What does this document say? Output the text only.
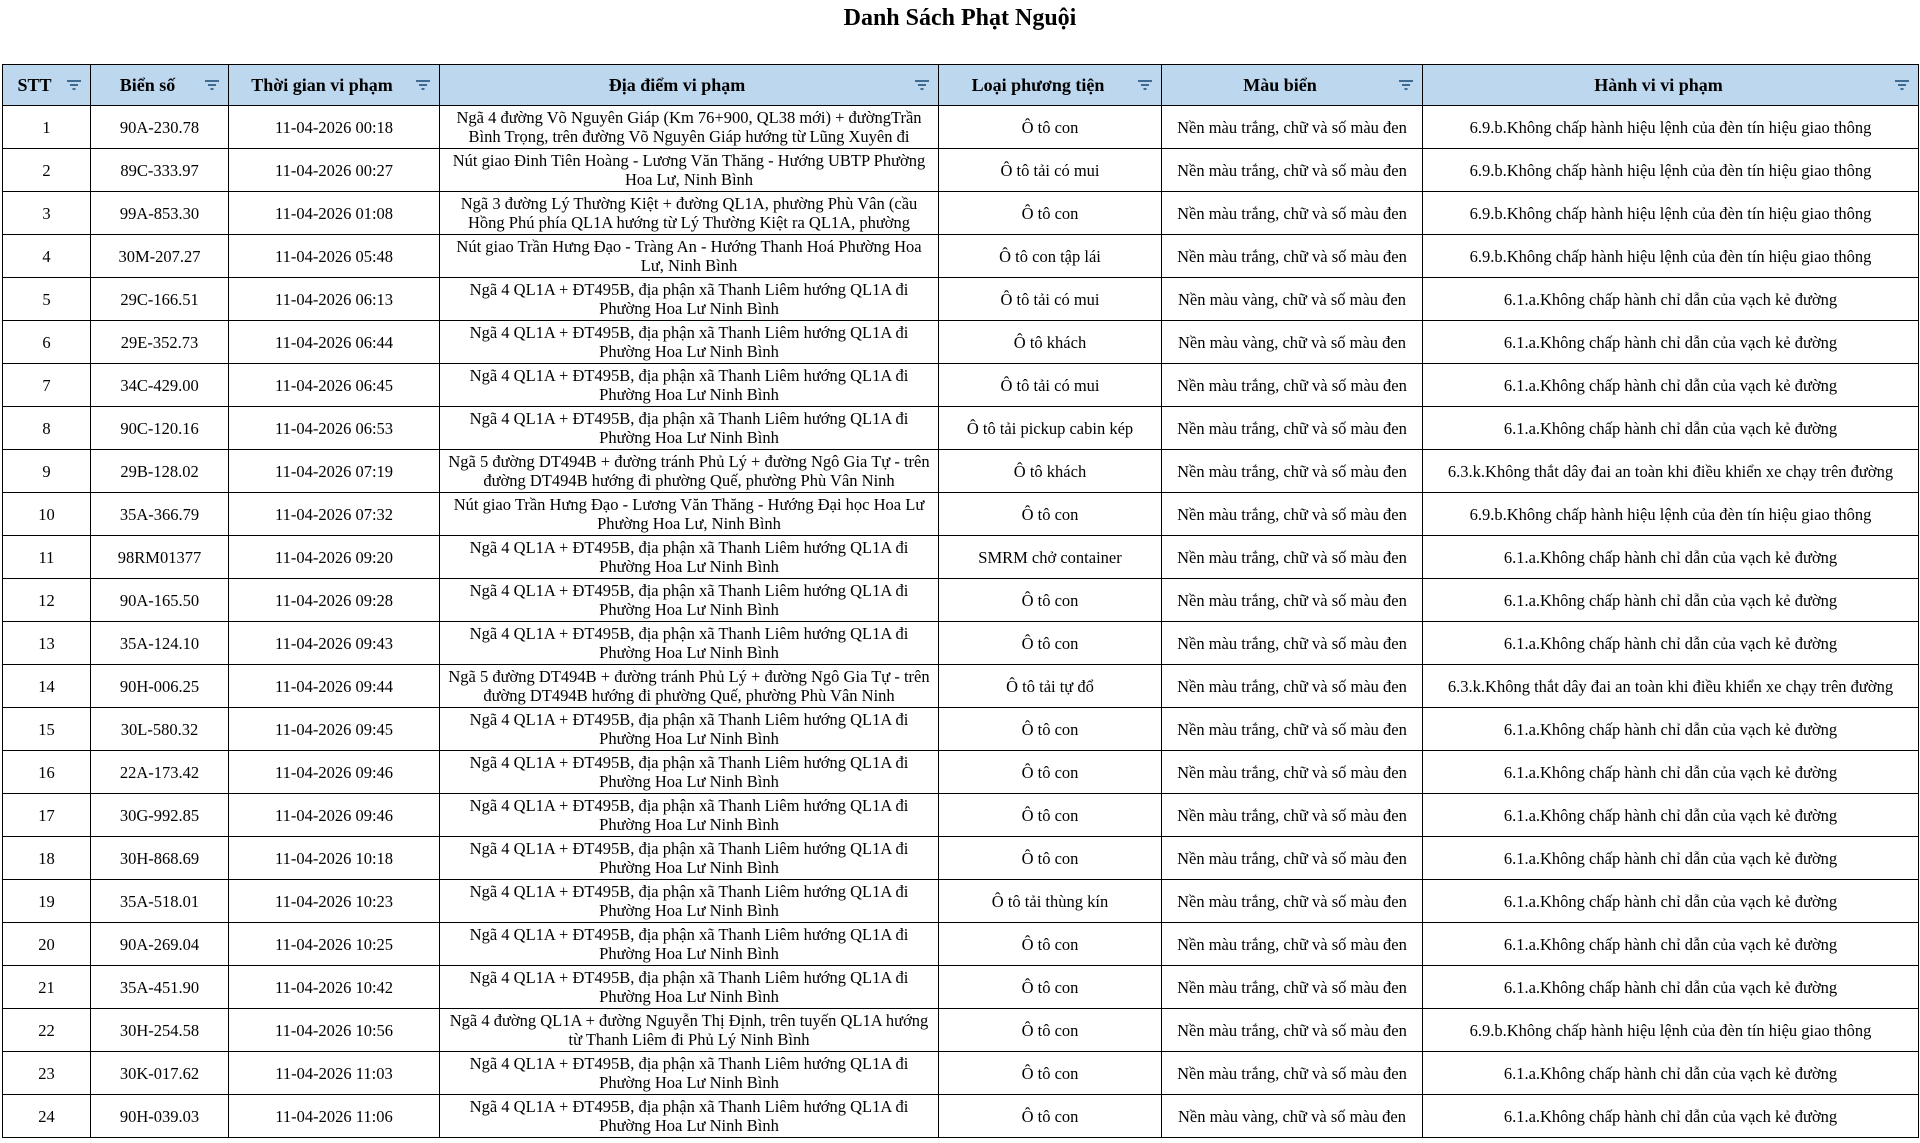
Danh Sách Phạt Nguội
STT	Biển số	Thời gian vi phạm	Địa điểm vi phạm	Loại phương tiện	Màu biển	Hành vi vi phạm

1	90A-230.78	11-04-2026 00:18	Ngã 4 đường Võ Nguyên Giáp (Km 76+900, QL38 mới) + đườngTrần Bình Trọng, trên đường Võ Nguyên Giáp hướng từ Lũng Xuyên đi	Ô tô con	Nền màu trắng, chữ và số màu đen	6.9.b.Không chấp hành hiệu lệnh của đèn tín hiệu giao thông
2	89C-333.97	11-04-2026 00:27	Nút giao Đinh Tiên Hoàng - Lương Văn Thăng - Hướng UBTP Phường Hoa Lư, Ninh Bình	Ô tô tải có mui	Nền màu trắng, chữ và số màu đen	6.9.b.Không chấp hành hiệu lệnh của đèn tín hiệu giao thông
3	99A-853.30	11-04-2026 01:08	Ngã 3 đường Lý Thường Kiệt + đường QL1A, phường Phù Vân (cầu Hồng Phú phía QL1A hướng từ Lý Thường Kiệt ra QL1A, phường	Ô tô con	Nền màu trắng, chữ và số màu đen	6.9.b.Không chấp hành hiệu lệnh của đèn tín hiệu giao thông
4	30M-207.27	11-04-2026 05:48	Nút giao Trần Hưng Đạo - Tràng An - Hướng Thanh Hoá Phường Hoa Lư, Ninh Bình	Ô tô con tập lái	Nền màu trắng, chữ và số màu đen	6.9.b.Không chấp hành hiệu lệnh của đèn tín hiệu giao thông
5	29C-166.51	11-04-2026 06:13	Ngã 4 QL1A + ĐT495B, địa phận xã Thanh Liêm hướng QL1A đi Phường Hoa Lư Ninh Bình	Ô tô tải có mui	Nền màu vàng, chữ và số màu đen	6.1.a.Không chấp hành chỉ dẫn của vạch kẻ đường
6	29E-352.73	11-04-2026 06:44	Ngã 4 QL1A + ĐT495B, địa phận xã Thanh Liêm hướng QL1A đi Phường Hoa Lư Ninh Bình	Ô tô khách	Nền màu vàng, chữ và số màu đen	6.1.a.Không chấp hành chỉ dẫn của vạch kẻ đường
7	34C-429.00	11-04-2026 06:45	Ngã 4 QL1A + ĐT495B, địa phận xã Thanh Liêm hướng QL1A đi Phường Hoa Lư Ninh Bình	Ô tô tải có mui	Nền màu trắng, chữ và số màu đen	6.1.a.Không chấp hành chỉ dẫn của vạch kẻ đường
8	90C-120.16	11-04-2026 06:53	Ngã 4 QL1A + ĐT495B, địa phận xã Thanh Liêm hướng QL1A đi Phường Hoa Lư Ninh Bình	Ô tô tải pickup cabin kép	Nền màu trắng, chữ và số màu đen	6.1.a.Không chấp hành chỉ dẫn của vạch kẻ đường
9	29B-128.02	11-04-2026 07:19	Ngã 5 đường DT494B + đường tránh Phủ Lý + đường Ngô Gia Tự - trên đường DT494B hướng đi phường Quế, phường Phù Vân Ninh	Ô tô khách	Nền màu trắng, chữ và số màu đen	6.3.k.Không thắt dây đai an toàn khi điều khiển xe chạy trên đường
10	35A-366.79	11-04-2026 07:32	Nút giao Trần Hưng Đạo - Lương Văn Thăng - Hướng Đại học Hoa Lư Phường Hoa Lư, Ninh Bình	Ô tô con	Nền màu trắng, chữ và số màu đen	6.9.b.Không chấp hành hiệu lệnh của đèn tín hiệu giao thông
11	98RM01377	11-04-2026 09:20	Ngã 4 QL1A + ĐT495B, địa phận xã Thanh Liêm hướng QL1A đi Phường Hoa Lư Ninh Bình	SMRM chở container	Nền màu trắng, chữ và số màu đen	6.1.a.Không chấp hành chỉ dẫn của vạch kẻ đường
12	90A-165.50	11-04-2026 09:28	Ngã 4 QL1A + ĐT495B, địa phận xã Thanh Liêm hướng QL1A đi Phường Hoa Lư Ninh Bình	Ô tô con	Nền màu trắng, chữ và số màu đen	6.1.a.Không chấp hành chỉ dẫn của vạch kẻ đường
13	35A-124.10	11-04-2026 09:43	Ngã 4 QL1A + ĐT495B, địa phận xã Thanh Liêm hướng QL1A đi Phường Hoa Lư Ninh Bình	Ô tô con	Nền màu trắng, chữ và số màu đen	6.1.a.Không chấp hành chỉ dẫn của vạch kẻ đường
14	90H-006.25	11-04-2026 09:44	Ngã 5 đường DT494B + đường tránh Phủ Lý + đường Ngô Gia Tự - trên đường DT494B hướng đi phường Quế, phường Phù Vân Ninh	Ô tô tải tự đổ	Nền màu trắng, chữ và số màu đen	6.3.k.Không thắt dây đai an toàn khi điều khiển xe chạy trên đường
15	30L-580.32	11-04-2026 09:45	Ngã 4 QL1A + ĐT495B, địa phận xã Thanh Liêm hướng QL1A đi Phường Hoa Lư Ninh Bình	Ô tô con	Nền màu trắng, chữ và số màu đen	6.1.a.Không chấp hành chỉ dẫn của vạch kẻ đường
16	22A-173.42	11-04-2026 09:46	Ngã 4 QL1A + ĐT495B, địa phận xã Thanh Liêm hướng QL1A đi Phường Hoa Lư Ninh Bình	Ô tô con	Nền màu trắng, chữ và số màu đen	6.1.a.Không chấp hành chỉ dẫn của vạch kẻ đường
17	30G-992.85	11-04-2026 09:46	Ngã 4 QL1A + ĐT495B, địa phận xã Thanh Liêm hướng QL1A đi Phường Hoa Lư Ninh Bình	Ô tô con	Nền màu trắng, chữ và số màu đen	6.1.a.Không chấp hành chỉ dẫn của vạch kẻ đường
18	30H-868.69	11-04-2026 10:18	Ngã 4 QL1A + ĐT495B, địa phận xã Thanh Liêm hướng QL1A đi Phường Hoa Lư Ninh Bình	Ô tô con	Nền màu trắng, chữ và số màu đen	6.1.a.Không chấp hành chỉ dẫn của vạch kẻ đường
19	35A-518.01	11-04-2026 10:23	Ngã 4 QL1A + ĐT495B, địa phận xã Thanh Liêm hướng QL1A đi Phường Hoa Lư Ninh Bình	Ô tô tải thùng kín	Nền màu trắng, chữ và số màu đen	6.1.a.Không chấp hành chỉ dẫn của vạch kẻ đường
20	90A-269.04	11-04-2026 10:25	Ngã 4 QL1A + ĐT495B, địa phận xã Thanh Liêm hướng QL1A đi Phường Hoa Lư Ninh Bình	Ô tô con	Nền màu trắng, chữ và số màu đen	6.1.a.Không chấp hành chỉ dẫn của vạch kẻ đường
21	35A-451.90	11-04-2026 10:42	Ngã 4 QL1A + ĐT495B, địa phận xã Thanh Liêm hướng QL1A đi Phường Hoa Lư Ninh Bình	Ô tô con	Nền màu trắng, chữ và số màu đen	6.1.a.Không chấp hành chỉ dẫn của vạch kẻ đường
22	30H-254.58	11-04-2026 10:56	Ngã 4 đường QL1A + đường Nguyễn Thị Định, trên tuyến QL1A hướng từ Thanh Liêm đi Phủ Lý Ninh Bình	Ô tô con	Nền màu trắng, chữ và số màu đen	6.9.b.Không chấp hành hiệu lệnh của đèn tín hiệu giao thông
23	30K-017.62	11-04-2026 11:03	Ngã 4 QL1A + ĐT495B, địa phận xã Thanh Liêm hướng QL1A đi Phường Hoa Lư Ninh Bình	Ô tô con	Nền màu trắng, chữ và số màu đen	6.1.a.Không chấp hành chỉ dẫn của vạch kẻ đường
24	90H-039.03	11-04-2026 11:06	Ngã 4 QL1A + ĐT495B, địa phận xã Thanh Liêm hướng QL1A đi Phường Hoa Lư Ninh Bình	Ô tô con	Nền màu vàng, chữ và số màu đen	6.1.a.Không chấp hành chỉ dẫn của vạch kẻ đường
